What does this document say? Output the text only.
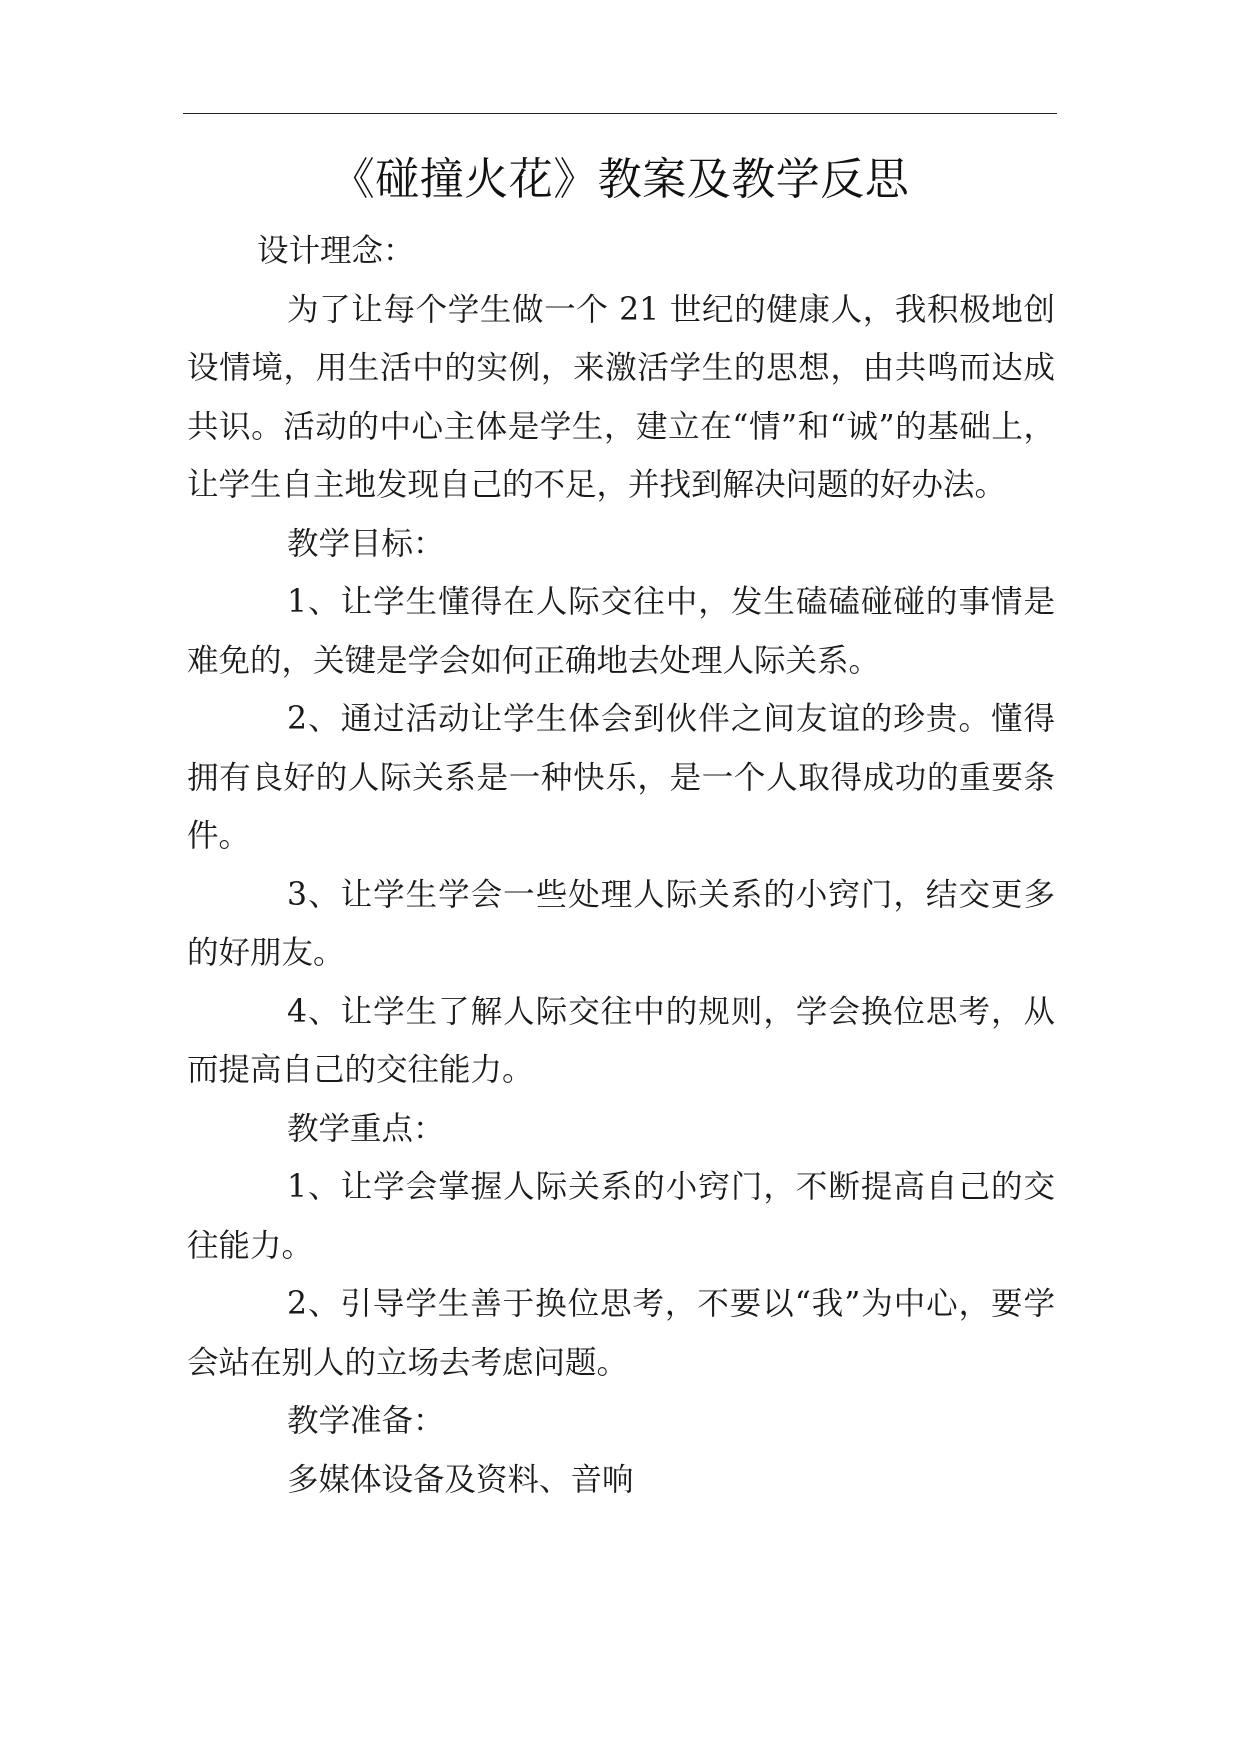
《碰撞火花》教案及教学反思

设计理念：

为了让每个学生做一个 21 世纪的健康人，我积极地创设情境，用生活中的实例，来激活学生的思想，由共鸣而达成共识。活动的中心主体是学生，建立在“情”和“诚”的基础上，让学生自主地发现自己的不足，并找到解决问题的好办法。

教学目标：

1、让学生懂得在人际交往中，发生磕磕碰碰的事情是难免的，关键是学会如何正确地去处理人际关系。

2、通过活动让学生体会到伙伴之间友谊的珍贵。懂得拥有良好的人际关系是一种快乐，是一个人取得成功的重要条件。

3、让学生学会一些处理人际关系的小窍门，结交更多的好朋友。

4、让学生了解人际交往中的规则，学会换位思考，从而提高自己的交往能力。

教学重点：

1、让学会掌握人际关系的小窍门，不断提高自己的交往能力。

2、引导学生善于换位思考，不要以“我”为中心，要学会站在别人的立场去考虑问题。

教学准备：

多媒体设备及资料、音响
